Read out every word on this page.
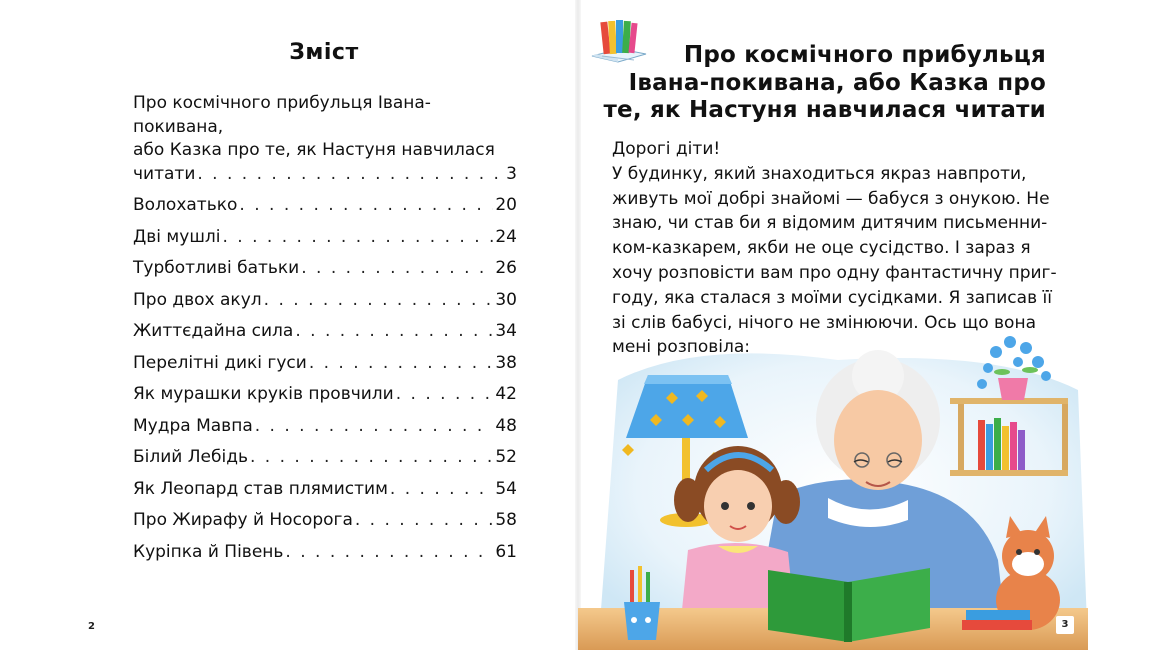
Зміст
Про космічного прибульця Івана-покивана,
або Казка про те, як Настуня навчилася
читати . . .	3
Волохатько . . .	20
Дві мушлі . . .	24
Турботливі батьки . . .	26
Про двох акул . . .	30
Життєдайна сила . . .	34
Перелітні дикі гуси . . .	38
Як мурашки круків провчили . . .	42
Мудра Мавпа . . .	48
Білий Лебідь . . .	52
Як Леопард став плямистим . . .	54
Про Жирафу й Носорога . . .	58
Куріпка й Півень . . .	61
2
Про космічного прибульця
Івана-покивана, або Казка про
те, як Настуня навчилася читати
Дорогі діти!
У будинку, який знаходиться якраз навпроти,
живуть мої добрі знайомі — бабуся з онукою. Не
знаю, чи став би я відомим дитячим письменни-
ком-казкарем, якби не оце сусідство. І зараз я
хочу розповісти вам про одну фантастичну приг-
году, яка сталася з моїми сусідками. Я записав її
зі слів бабусі, нічого не змінюючи. Ось що вона
мені розповіла:
3
